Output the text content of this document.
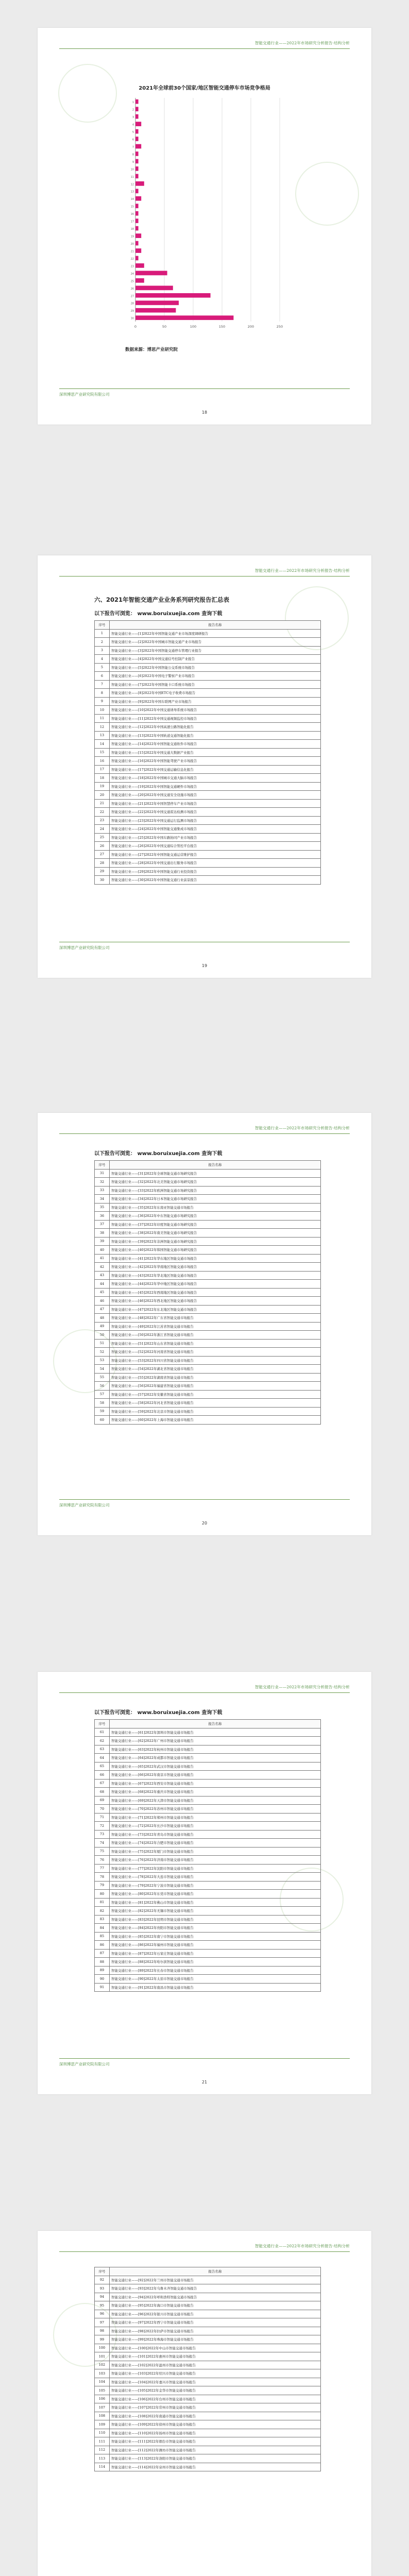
智能交通行业——2022年市场研究分析报告·结构分析
2021年全球前30个国家/地区智能交通停车市场竞争格局
0	50	100	150	200	250
1
2
3
4
5
6
7
8
9
10
11
12
13
14
15
16
17
18
19
20
21
22
23
24
25
26
27
28
29
30
数据来源：博思产业研究院
深圳博思产业研究院有限公司
18
智能交通行业——2022年市场研究分析报告·结构分析
六、2021年智能交通产业业务系列研究报告汇总表
以下报告可浏览： www.boruixuejia.com 查询下载
序号	报告名称
1	智能交通行业——[1]2022年中国智能交通产业市场深度调研报告
2	智能交通行业——[2]2022年中国城市智能交通产业市场报告
3	智能交通行业——[3]2022年中国智能交通停车管理行业报告
4	智能交通行业——[4]2022年中国交通信号控制产业报告
5	智能交通行业——[5]2022年中国智能公交系统市场报告
6	智能交通行业——[6]2022年中国电子警察产业市场报告
7	智能交通行业——[7]2022年中国智能卡口系统市场报告
8	智能交通行业——[8]2022年中国ETC电子收费市场报告
9	智能交通行业——[9]2022年中国车联网产业市场报告
10	智能交通行业——[10]2022年中国交通诱导系统市场报告
11	智能交通行业——[11]2022年中国交通视频监控市场报告
12	智能交通行业——[12]2022年中国高速公路智能化报告
13	智能交通行业——[13]2022年中国轨道交通智能化报告
14	智能交通行业——[14]2022年中国智能交通软件市场报告
15	智能交通行业——[15]2022年中国交通大数据产业报告
16	智能交通行业——[16]2022年中国智能驾驶产业市场报告
17	智能交通行业——[17]2022年中国交通运输信息化报告
18	智能交通行业——[18]2022年中国城市交通大脑市场报告
19	智能交通行业——[19]2022年中国智能交通硬件市场报告
20	智能交通行业——[20]2022年中国交通安全设施市场报告
21	智能交通行业——[21]2022年中国智慧停车产业市场报告
22	智能交通行业——[22]2022年中国交通雷达检测市场报告
23	智能交通行业——[23]2022年中国交通运行监测市场报告
24	智能交通行业——[24]2022年中国智能交通集成市场报告
25	智能交通行业——[25]2022年中国车路协同产业市场报告
26	智能交通行业——[26]2022年中国交通综合管控平台报告
27	智能交通行业——[27]2022年中国智能交通运营维护报告
28	智能交通行业——[28]2022年中国交通出行服务市场报告
29	智能交通行业——[29]2022年中国智能交通行业投资报告
30	智能交通行业——[30]2022年中国智能交通行业前景报告
深圳博思产业研究院有限公司
19
智能交通行业——2022年市场研究分析报告·结构分析
以下报告可浏览： www.boruixuejia.com 查询下载
序号	报告名称
31	智能交通行业——[31]2022年全球智能交通市场研究报告
32	智能交通行业——[32]2022年北美智能交通市场研究报告
33	智能交通行业——[33]2022年欧洲智能交通市场研究报告
34	智能交通行业——[34]2022年日本智能交通市场研究报告
35	智能交通行业——[35]2022年东南亚智能交通市场报告
36	智能交通行业——[36]2022年中东智能交通市场研究报告
37	智能交通行业——[37]2022年印度智能交通市场研究报告
38	智能交通行业——[38]2022年南美智能交通市场研究报告
39	智能交通行业——[39]2022年非洲智能交通市场研究报告
40	智能交通行业——[40]2022年韩国智能交通市场研究报告
41	智能交通行业——[41]2022年华东地区智能交通市场报告
42	智能交通行业——[42]2022年华南地区智能交通市场报告
43	智能交通行业——[43]2022年华北地区智能交通市场报告
44	智能交通行业——[44]2022年华中地区智能交通市场报告
45	智能交通行业——[45]2022年西南地区智能交通市场报告
46	智能交通行业——[46]2022年西北地区智能交通市场报告
47	智能交通行业——[47]2022年东北地区智能交通市场报告
48	智能交通行业——[48]2022年广东省智能交通市场报告
49	智能交通行业——[49]2022年江苏省智能交通市场报告
50	智能交通行业——[50]2022年浙江省智能交通市场报告
51	智能交通行业——[51]2022年山东省智能交通市场报告
52	智能交通行业——[52]2022年河南省智能交通市场报告
53	智能交通行业——[53]2022年四川省智能交通市场报告
54	智能交通行业——[54]2022年湖北省智能交通市场报告
55	智能交通行业——[55]2022年湖南省智能交通市场报告
56	智能交通行业——[56]2022年福建省智能交通市场报告
57	智能交通行业——[57]2022年安徽省智能交通市场报告
58	智能交通行业——[58]2022年河北省智能交通市场报告
59	智能交通行业——[59]2022年北京市智能交通市场报告
60	智能交通行业——[60]2022年上海市智能交通市场报告
深圳博思产业研究院有限公司
20
智能交通行业——2022年市场研究分析报告·结构分析
以下报告可浏览： www.boruixuejia.com 查询下载
序号	报告名称
61	智能交通行业——[61]2022年深圳市智能交通市场报告
62	智能交通行业——[62]2022年广州市智能交通市场报告
63	智能交通行业——[63]2022年杭州市智能交通市场报告
64	智能交通行业——[64]2022年成都市智能交通市场报告
65	智能交通行业——[65]2022年武汉市智能交通市场报告
66	智能交通行业——[66]2022年南京市智能交通市场报告
67	智能交通行业——[67]2022年西安市智能交通市场报告
68	智能交通行业——[68]2022年重庆市智能交通市场报告
69	智能交通行业——[69]2022年天津市智能交通市场报告
70	智能交通行业——[70]2022年苏州市智能交通市场报告
71	智能交通行业——[71]2022年郑州市智能交通市场报告
72	智能交通行业——[72]2022年长沙市智能交通市场报告
73	智能交通行业——[73]2022年青岛市智能交通市场报告
74	智能交通行业——[74]2022年合肥市智能交通市场报告
75	智能交通行业——[75]2022年厦门市智能交通市场报告
76	智能交通行业——[76]2022年济南市智能交通市场报告
77	智能交通行业——[77]2022年沈阳市智能交通市场报告
78	智能交通行业——[78]2022年大连市智能交通市场报告
79	智能交通行业——[79]2022年宁波市智能交通市场报告
80	智能交通行业——[80]2022年东莞市智能交通市场报告
81	智能交通行业——[81]2022年佛山市智能交通市场报告
82	智能交通行业——[82]2022年无锡市智能交通市场报告
83	智能交通行业——[83]2022年昆明市智能交通市场报告
84	智能交通行业——[84]2022年贵阳市智能交通市场报告
85	智能交通行业——[85]2022年南宁市智能交通市场报告
86	智能交通行业——[86]2022年福州市智能交通市场报告
87	智能交通行业——[87]2022年石家庄智能交通市场报告
88	智能交通行业——[88]2022年哈尔滨智能交通市场报告
89	智能交通行业——[89]2022年长春市智能交通市场报告
90	智能交通行业——[90]2022年太原市智能交通市场报告
91	智能交通行业——[91]2022年南昌市智能交通市场报告
深圳博思产业研究院有限公司
21
智能交通行业——2022年市场研究分析报告·结构分析
序号	报告名称
92	智能交通行业——[92]2022年兰州市智能交通市场报告
93	智能交通行业——[93]2022年乌鲁木齐智能交通市场报告
94	智能交通行业——[94]2022年呼和浩特智能交通市场报告
95	智能交通行业——[95]2022年海口市智能交通市场报告
96	智能交通行业——[96]2022年银川市智能交通市场报告
97	智能交通行业——[97]2022年西宁市智能交通市场报告
98	智能交通行业——[98]2022年拉萨市智能交通市场报告
99	智能交通行业——[99]2022年珠海市智能交通市场报告
100	智能交通行业——[100]2022年中山市智能交通市场报告
101	智能交通行业——[101]2022年惠州市智能交通市场报告
102	智能交通行业——[102]2022年温州市智能交通市场报告
103	智能交通行业——[103]2022年绍兴市智能交通市场报告
104	智能交通行业——[104]2022年嘉兴市智能交通市场报告
105	智能交通行业——[105]2022年金华市智能交通市场报告
106	智能交通行业——[106]2022年台州市智能交通市场报告
107	智能交通行业——[107]2022年常州市智能交通市场报告
108	智能交通行业——[108]2022年南通市智能交通市场报告
109	智能交通行业——[109]2022年徐州市智能交通市场报告
110	智能交通行业——[110]2022年扬州市智能交通市场报告
111	智能交通行业——[111]2022年烟台市智能交通市场报告
112	智能交通行业——[112]2022年潍坊市智能交通市场报告
113	智能交通行业——[113]2022年洛阳市智能交通市场报告
114	智能交通行业——[114]2022年泉州市智能交通市场报告
